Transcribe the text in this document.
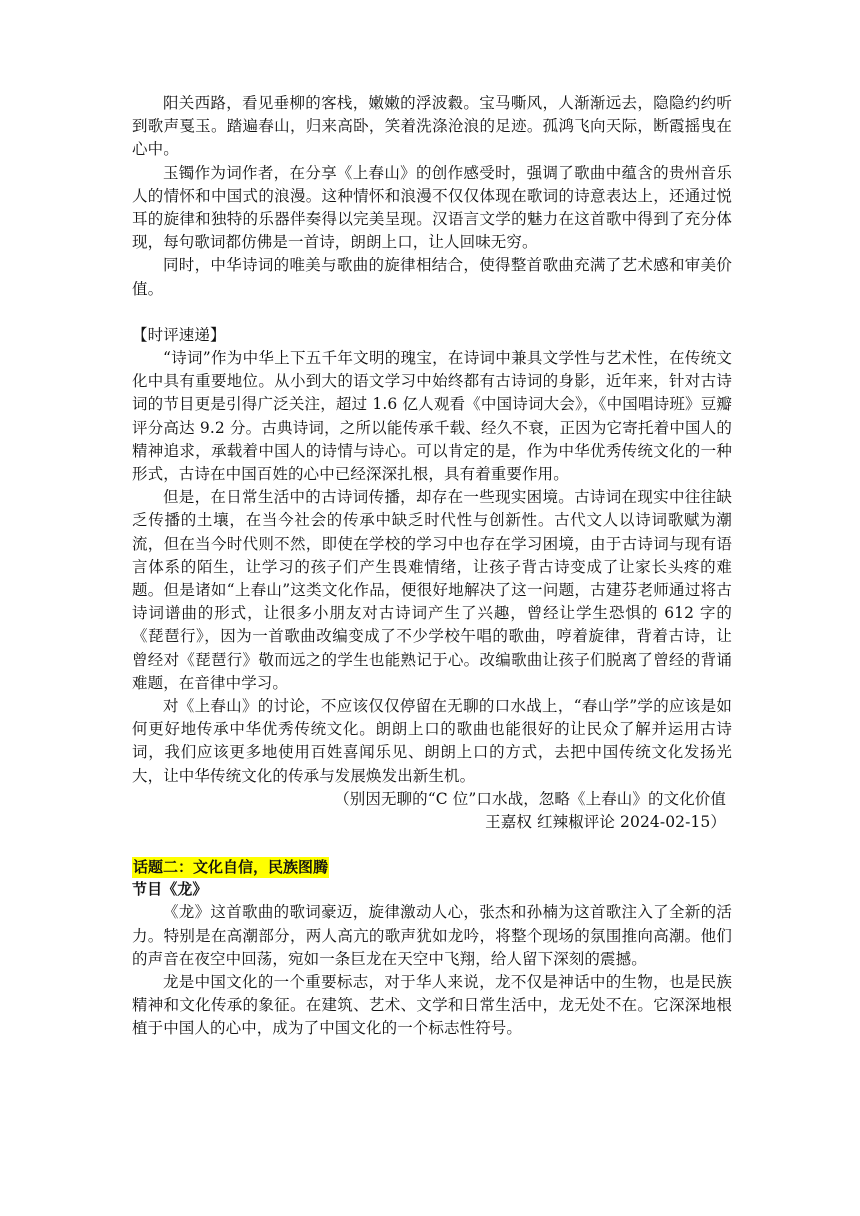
阳关西路，看见垂柳的客栈，嫩嫩的浮波縠。宝马嘶风，人渐渐远去，隐隐约约听到歌声戛玉。踏遍春山，归来高卧，笑着洗涤沧浪的足迹。孤鸿飞向天际，断霞摇曳在心中。

玉镯作为词作者，在分享《上春山》的创作感受时，强调了歌曲中蕴含的贵州音乐人的情怀和中国式的浪漫。这种情怀和浪漫不仅仅体现在歌词的诗意表达上，还通过悦耳的旋律和独特的乐器伴奏得以完美呈现。汉语言文学的魅力在这首歌中得到了充分体现，每句歌词都仿佛是一首诗，朗朗上口，让人回味无穷。

同时，中华诗词的唯美与歌曲的旋律相结合，使得整首歌曲充满了艺术感和审美价值。

【时评速递】

“诗词”作为中华上下五千年文明的瑰宝，在诗词中兼具文学性与艺术性，在传统文化中具有重要地位。从小到大的语文学习中始终都有古诗词的身影，近年来，针对古诗词的节目更是引得广泛关注，超过 1.6 亿人观看《中国诗词大会》，《中国唱诗班》豆瓣评分高达 9.2 分。古典诗词，之所以能传承千载、经久不衰，正因为它寄托着中国人的精神追求，承载着中国人的诗情与诗心。可以肯定的是，作为中华优秀传统文化的一种形式，古诗在中国百姓的心中已经深深扎根，具有着重要作用。

但是，在日常生活中的古诗词传播，却存在一些现实困境。古诗词在现实中往往缺乏传播的土壤，在当今社会的传承中缺乏时代性与创新性。古代文人以诗词歌赋为潮流，但在当今时代则不然，即使在学校的学习中也存在学习困境，由于古诗词与现有语言体系的陌生，让学习的孩子们产生畏难情绪，让孩子背古诗变成了让家长头疼的难题。但是诸如“上春山”这类文化作品，便很好地解决了这一问题，古建芬老师通过将古诗词谱曲的形式，让很多小朋友对古诗词产生了兴趣，曾经让学生恐惧的 612 字的《琵琶行》，因为一首歌曲改编变成了不少学校午唱的歌曲，哼着旋律，背着古诗，让曾经对《琵琶行》敬而远之的学生也能熟记于心。改编歌曲让孩子们脱离了曾经的背诵难题，在音律中学习。

对《上春山》的讨论，不应该仅仅停留在无聊的口水战上，“春山学”学的应该是如何更好地传承中华优秀传统文化。朗朗上口的歌曲也能很好的让民众了解并运用古诗词，我们应该更多地使用百姓喜闻乐见、朗朗上口的方式，去把中国传统文化发扬光大，让中华传统文化的传承与发展焕发出新生机。

（别因无聊的“C 位”口水战，忽略《上春山》的文化价值

王嘉权 红辣椒评论 2024-02-15）

话题二：文化自信，民族图腾

节目《龙》

《龙》这首歌曲的歌词豪迈，旋律激动人心，张杰和孙楠为这首歌注入了全新的活力。特别是在高潮部分，两人高亢的歌声犹如龙吟，将整个现场的氛围推向高潮。他们的声音在夜空中回荡，宛如一条巨龙在天空中飞翔，给人留下深刻的震撼。

龙是中国文化的一个重要标志，对于华人来说，龙不仅是神话中的生物，也是民族精神和文化传承的象征。在建筑、艺术、文学和日常生活中，龙无处不在。它深深地根植于中国人的心中，成为了中国文化的一个标志性符号。
